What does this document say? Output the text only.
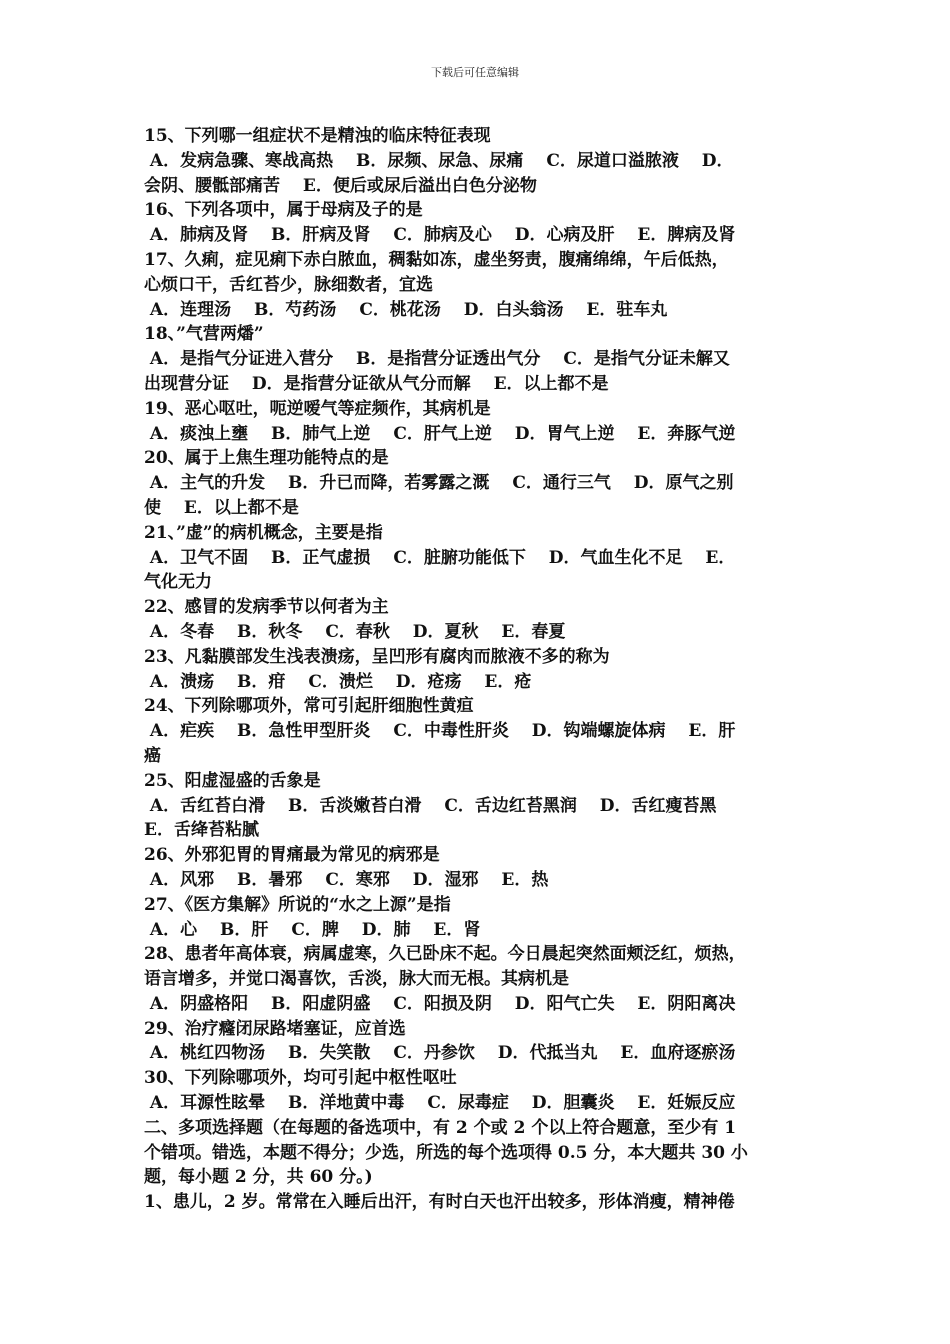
下载后可任意编辑
15、下列哪一组症状不是精浊的临床特征表现
A．发病急骤、寒战高热　 B．尿频、尿急、尿痛　 C．尿道口溢脓液　 D．
会阴、腰骶部痛苦　 E．便后或尿后溢出白色分泌物
16、下列各项中，属于母病及子的是
A．肺病及肾　 B．肝病及肾　 C．肺病及心　 D．心病及肝　 E．脾病及肾
17、久痢，症见痢下赤白脓血，稠黏如冻，虚坐努责，腹痛绵绵，午后低热，
心烦口干，舌红苔少，脉细数者，宜选
A．连理汤　 B．芍药汤　 C．桃花汤　 D．白头翁汤　 E．驻车丸
18、”气营两燔”
A．是指气分证进入营分　 B．是指营分证透出气分　 C．是指气分证未解又
出现营分证　 D．是指营分证欲从气分而解　 E．以上都不是
19、恶心呕吐，呃逆嗳气等症频作，其病机是
A．痰浊上壅　 B．肺气上逆　 C．肝气上逆　 D．胃气上逆　 E．奔豚气逆
20、属于上焦生理功能特点的是
A．主气的升发　 B．升已而降，若雾露之溉　 C．通行三气　 D．原气之别
使　 E．以上都不是
21、”虚”的病机概念，主要是指
A．卫气不固　 B．正气虚损　 C．脏腑功能低下　 D．气血生化不足　 E．
气化无力
22、感冒的发病季节以何者为主
A．冬春　 B．秋冬　 C．春秋　 D．夏秋　 E．春夏
23、凡黏膜部发生浅表溃疡，呈凹形有腐肉而脓液不多的称为
A．溃疡　 B．疳　 C．溃烂　 D．疮疡　 E．疮
24、下列除哪项外，常可引起肝细胞性黄疸
A．疟疾　 B．急性甲型肝炎　 C．中毒性肝炎　 D．钩端螺旋体病　 E．肝
癌
25、阳虚湿盛的舌象是
A．舌红苔白滑　 B．舌淡嫩苔白滑　 C．舌边红苔黑润　 D．舌红瘦苔黑
E．舌绛苔粘腻
26、外邪犯胃的胃痛最为常见的病邪是
A．风邪　 B．暑邪　 C．寒邪　 D．湿邪　 E．热
27、《医方集解》所说的“水之上源”是指
A．心　 B．肝　 C．脾　 D．肺　 E．肾
28、患者年高体衰，病属虚寒，久已卧床不起。今日晨起突然面颊泛红，烦热，
语言增多，并觉口渴喜饮，舌淡，脉大而无根。其病机是
A．阴盛格阳　 B．阳虚阴盛　 C．阳损及阴　 D．阳气亡失　 E．阴阳离决
29、治疗癃闭尿路堵塞证，应首选
A．桃红四物汤　 B．失笑散　 C．丹参饮　 D．代抵当丸　 E．血府逐瘀汤
30、下列除哪项外，均可引起中枢性呕吐
A．耳源性眩晕　 B．洋地黄中毒　 C．尿毒症　 D．胆囊炎　 E．妊娠反应
二、多项选择题（在每题的备选项中，有 2 个或 2 个以上符合题意，至少有 1
个错项。错选，本题不得分；少选，所选的每个选项得 0.5 分，本大题共 30 小
题，每小题 2 分，共 60 分。)
1、患儿，2 岁。常常在入睡后出汗，有时白天也汗出较多，形体消瘦，精神倦
